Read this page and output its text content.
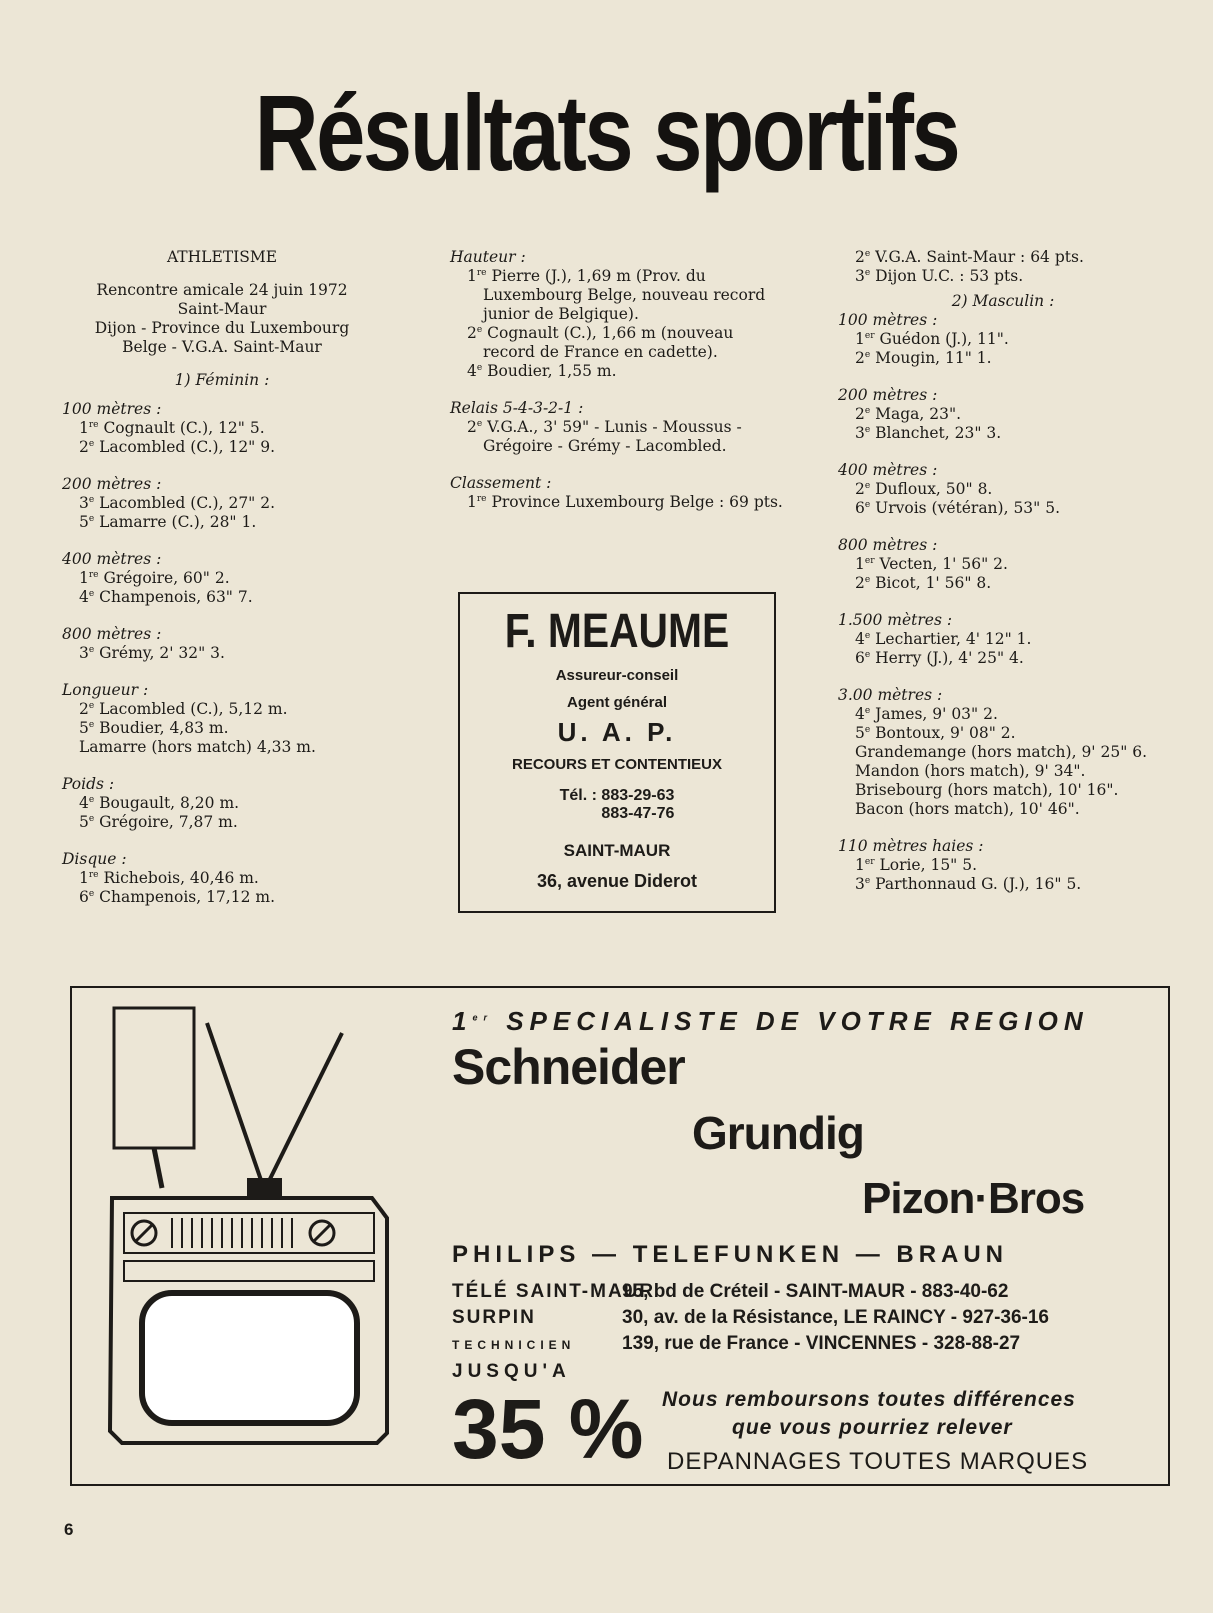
Résultats sportifs
ATHLETISME
Rencontre amicale 24 juin 1972
Saint-Maur
Dijon - Province du Luxembourg
Belge - V.G.A. Saint-Maur
1) Féminin :
100 mètres :
1re Cognault (C.), 12" 5.
2e Lacombled (C.), 12" 9.
200 mètres :
3e Lacombled (C.), 27" 2.
5e Lamarre (C.), 28" 1.
400 mètres :
1re Grégoire, 60" 2.
4e Champenois, 63" 7.
800 mètres :
3e Grémy, 2' 32" 3.
Longueur :
2e Lacombled (C.), 5,12 m.
5e Boudier, 4,83 m.
Lamarre (hors match) 4,33 m.
Poids :
4e Bougault, 8,20 m.
5e Grégoire, 7,87 m.
Disque :
1re Richebois, 40,46 m.
6e Champenois, 17,12 m.
Hauteur :
1re Pierre (J.), 1,69 m (Prov. du Luxembourg Belge, nouveau record junior de Belgique).
2e Cognault (C.), 1,66 m (nouveau record de France en cadette).
4e Boudier, 1,55 m.
Relais 5-4-3-2-1 :
2e V.G.A., 3' 59" - Lunis - Moussus - Grégoire - Grémy - Lacombled.
Classement :
1re Province Luxembourg Belge : 69 pts.
F. MEAUME
Assureur-conseil
Agent général
U. A. P.
RECOURS ET CONTENTIEUX
Tél. : 883-29-63
883-47-76
SAINT-MAUR
36, avenue Diderot
2e V.G.A. Saint-Maur : 64 pts.
3e Dijon U.C. : 53 pts.
2) Masculin :
100 mètres :
1er Guédon (J.), 11".
2e Mougin, 11" 1.
200 mètres :
2e Maga, 23".
3e Blanchet, 23" 3.
400 mètres :
2e Dufloux, 50" 8.
6e Urvois (vétéran), 53" 5.
800 mètres :
1er Vecten, 1' 56" 2.
2e Bicot, 1' 56" 8.
1.500 mètres :
4e Lechartier, 4' 12" 1.
6e Herry (J.), 4' 25" 4.
3.00 mètres :
4e James, 9' 03" 2.
5e Bontoux, 9' 08" 2.
Grandemange (hors match), 9' 25" 6.
Mandon (hors match), 9' 34".
Brisebourg (hors match), 10' 16".
Bacon (hors match), 10' 46".
110 mètres haies :
1er Lorie, 15" 5.
3e Parthonnaud G. (J.), 16" 5.
1er SPECIALISTE DE VOTRE REGION
Schneider
Grundig
Pizon·Bros
PHILIPS — TELEFUNKEN — BRAUN
TÉLÉ SAINT-MAUR95, bd de Créteil - SAINT-MAUR - 883-40-62
SURPIN	30, av. de la Résistance, LE RAINCY - 927-36-16
TECHNICIEN 139, rue de France - VINCENNES - 328-88-27
JUSQU'A
35 % Nous remboursons toutes différences
que vous pourriez relever
DEPANNAGES TOUTES MARQUES
6
